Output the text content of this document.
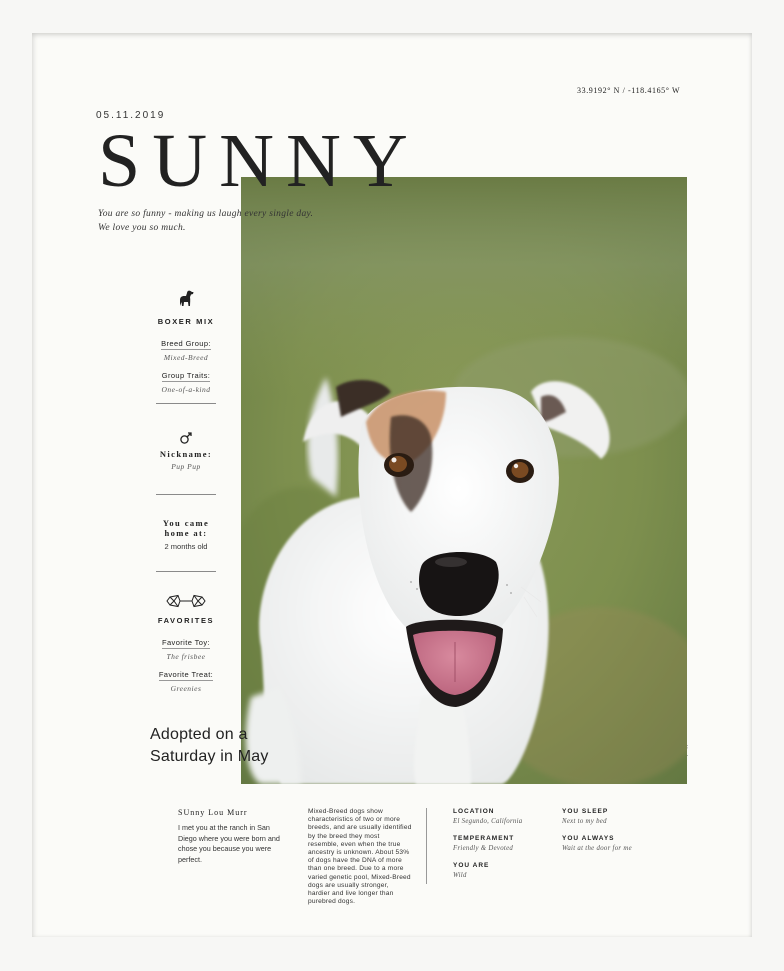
33.9192° N / -118.4165° W
05.11.2019
SUNNY
You are so funny - making us laugh every single day.
We love you so much.
BOXER MIX
Breed Group:
Mixed-Breed
Group Traits:
One-of-a-kind
Nickname:
Pup Pup
You came
home at:
2 months old
FAVORITES
Favorite Toy:
The frisbee
Favorite Treat:
Greenies
Adopted on a
Saturday in May
SUnny Lou Murr
I met you at the ranch in San Diego where you were born and chose you because you were perfect.
Mixed-Breed dogs show characteristics of two or more breeds, and are usually identified by the breed they most resemble, even when the true ancestry is unknown. About 53% of dogs have the DNA of more than one breed. Due to a more varied genetic pool, Mixed-Breed dogs are usually stronger, hardier and live longer than purebred dogs.
LOCATION
El Segundo, California
TEMPERAMENT
Friendly & Devoted
YOU ARE
Wild
YOU SLEEP
Next to my bed
YOU ALWAYS
Wait at the door for me
